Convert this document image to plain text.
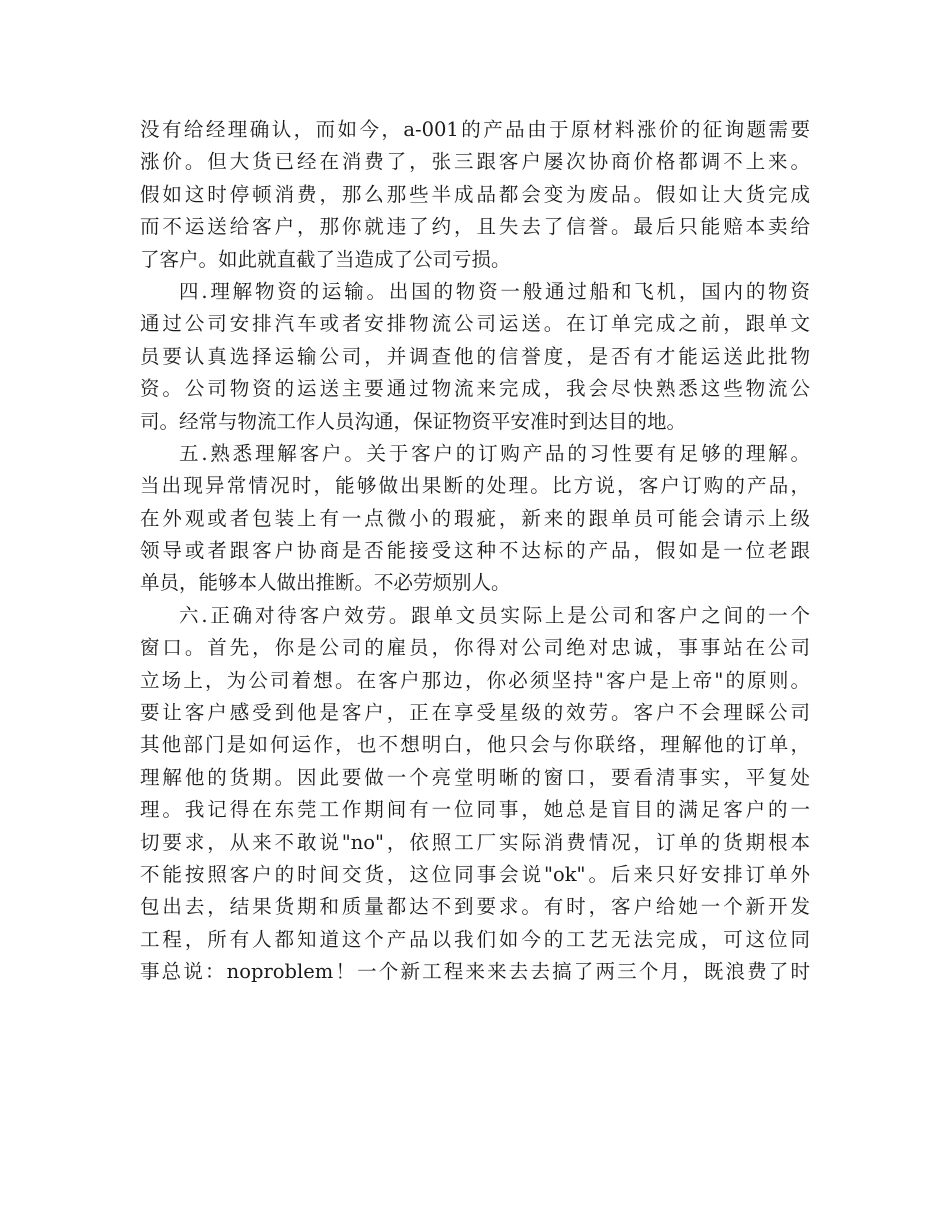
没有给经理确认，而如今，a-001的产品由于原材料涨价的征询题需要
涨价。但大货已经在消费了，张三跟客户屡次协商价格都调不上来。
假如这时停顿消费，那么那些半成品都会变为废品。假如让大货完成
而不运送给客户，那你就违了约，且失去了信誉。最后只能赔本卖给
了客户。如此就直截了当造成了公司亏损。
四.理解物资的运输。出国的物资一般通过船和飞机，国内的物资
通过公司安排汽车或者安排物流公司运送。在订单完成之前，跟单文
员要认真选择运输公司，并调查他的信誉度，是否有才能运送此批物
资。公司物资的运送主要通过物流来完成，我会尽快熟悉这些物流公
司。经常与物流工作人员沟通，保证物资平安准时到达目的地。
五.熟悉理解客户。关于客户的订购产品的习性要有足够的理解。
当出现异常情况时，能够做出果断的处理。比方说，客户订购的产品，
在外观或者包装上有一点微小的瑕疵，新来的跟单员可能会请示上级
领导或者跟客户协商是否能接受这种不达标的产品，假如是一位老跟
单员，能够本人做出推断。不必劳烦别人。
六.正确对待客户效劳。跟单文员实际上是公司和客户之间的一个
窗口。首先，你是公司的雇员，你得对公司绝对忠诚，事事站在公司
立场上，为公司着想。在客户那边，你必须坚持"客户是上帝"的原则。
要让客户感受到他是客户，正在享受星级的效劳。客户不会理睬公司
其他部门是如何运作，也不想明白，他只会与你联络，理解他的订单，
理解他的货期。因此要做一个亮堂明晰的窗口，要看清事实，平复处
理。我记得在东莞工作期间有一位同事，她总是盲目的满足客户的一
切要求，从来不敢说"no"，依照工厂实际消费情况，订单的货期根本
不能按照客户的时间交货，这位同事会说"ok"。后来只好安排订单外
包出去，结果货期和质量都达不到要求。有时，客户给她一个新开发
工程，所有人都知道这个产品以我们如今的工艺无法完成，可这位同
事总说：noproblem！一个新工程来来去去搞了两三个月，既浪费了时
